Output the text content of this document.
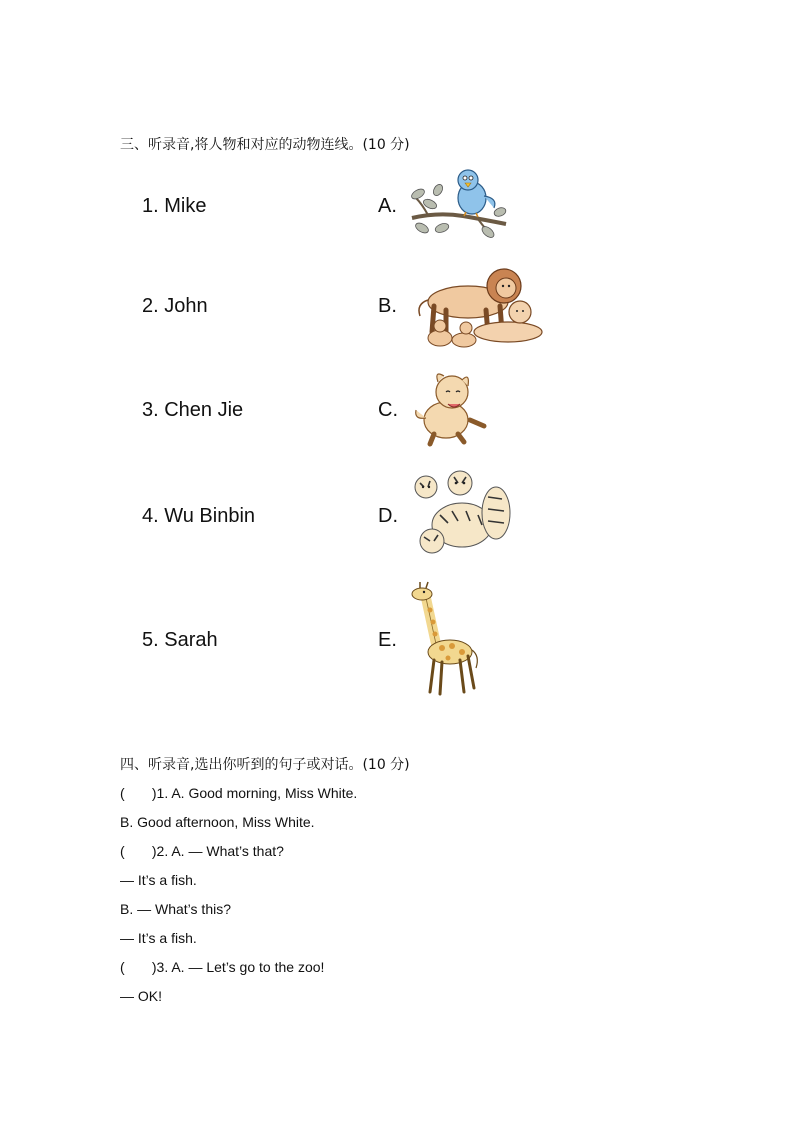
三、听录音,将人物和对应的动物连线。(10 分)
1. Mike
2. John
3. Chen Jie
4. Wu Binbin
5. Sarah
A.
B.
C.
D.
E.
四、听录音,选出你听到的句子或对话。(10 分)
(       )1. A. Good morning, Miss White.
B. Good afternoon, Miss White.
(       )2. A. — What’s that?
— It’s a fish.
B. — What’s this?
— It’s a fish.
(       )3. A. — Let’s go to the zoo!
— OK!
